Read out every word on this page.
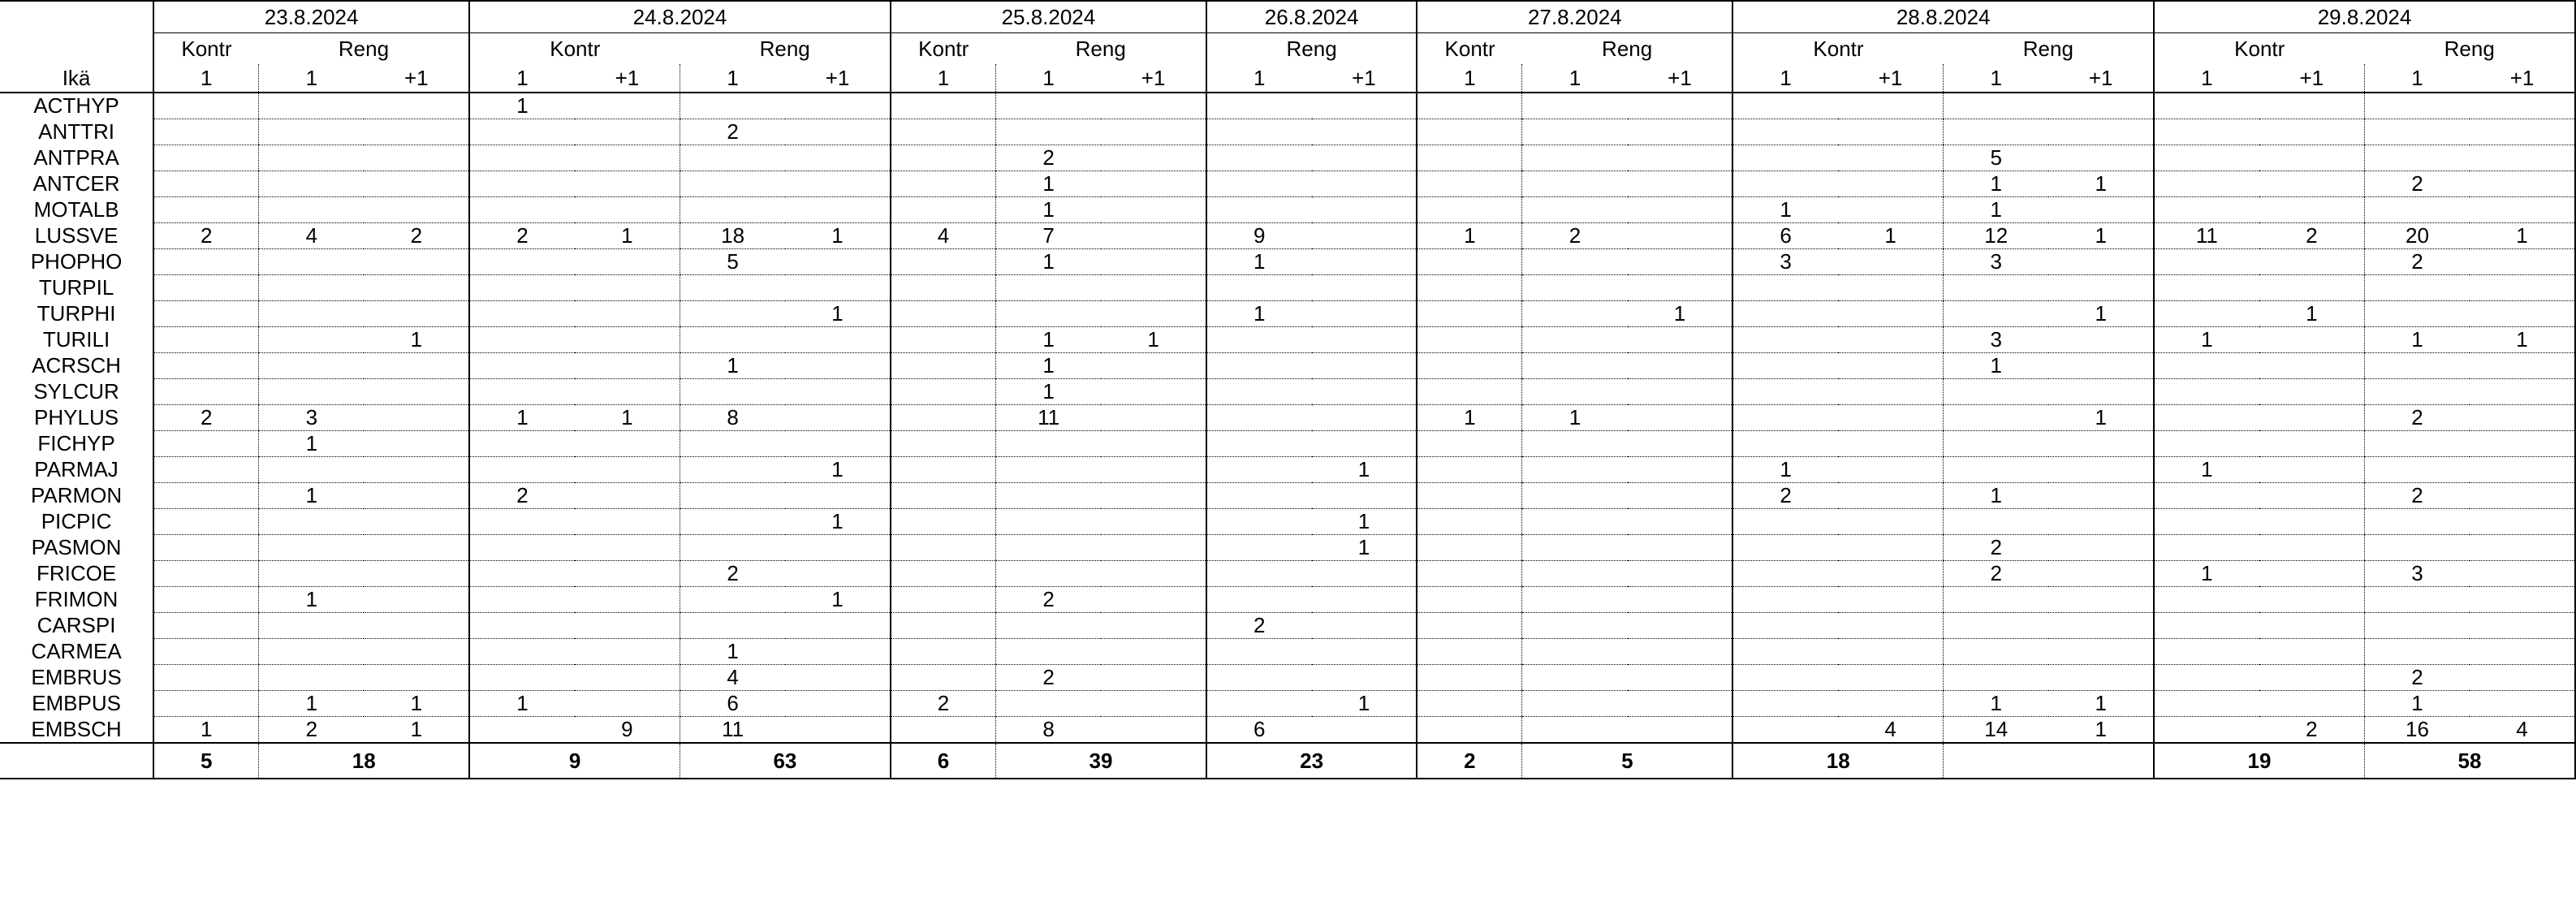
	23.8.2024			24.8.2024				25.8.2024			26.8.2024		27.8.2024			28.8.2024				29.8.2024			
	Kontr	Reng		Kontr		Reng		Kontr	Reng		Reng		Kontr	Reng		Kontr		Reng		Kontr		Reng	
Ikä	1	1	+1	1	+1	1	+1	1	1	+1	1	+1	1	1	+1	1	+1	1	+1	1	+1	1	+1
ACTHYP				1																			
ANTTRI						2																	
ANTPRA									2									5					
ANTCER									1									1	1			2	
MOTALB									1							1		1					
LUSSVE	2	4	2	2	1	18	1	4	7		9		1	2		6	1	12	1	11	2	20	1
PHOPHO						5			1		1					3		3				2	
TURPIL																							
TURPHI							1				1				1				1		1		
TURILI			1						1	1								3		1		1	1
ACRSCH						1			1									1					
SYLCUR									1														
PHYLUS	2	3		1	1	8			11				1	1					1			2	
FICHYP		1																					
PARMAJ							1					1				1				1			
PARMON		1		2												2		1				2	
PICPIC							1					1											
PASMON												1						2					
FRICOE						2												2		1		3	
FRIMON		1					1		2														
CARSPI											2												
CARMEA						1																	
EMBRUS						4			2													2	
EMBPUS		1	1	1		6		2				1						1	1			1	
EMBSCH	1	2	1		9	11			8		6						4	14	1		2	16	4
	5	18		9		63		6	39		23		2	5		18				19		58	
